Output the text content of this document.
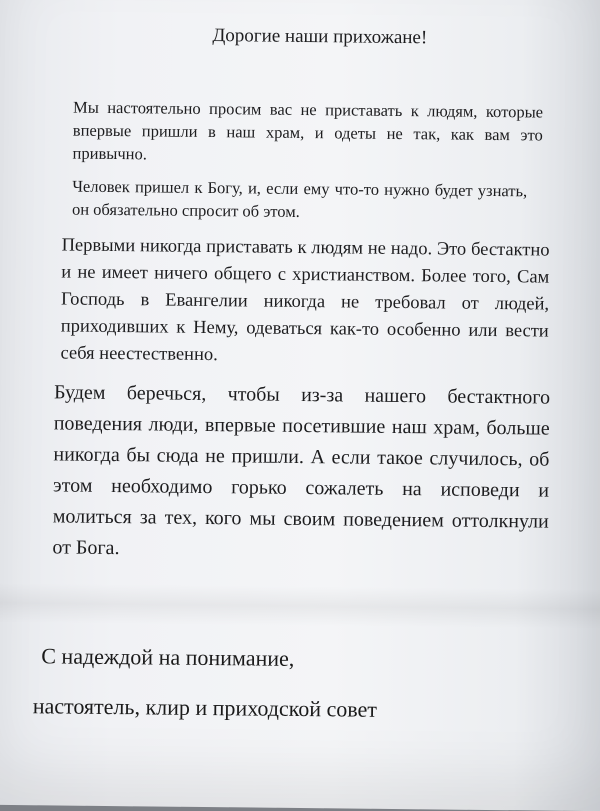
Дорогие наши прихожане!

Мы настоятельно просим вас не приставать к людям, которые впервые пришли в наш храм, и одеты не так, как вам это привычно.

Человек пришел к Богу, и, если ему что-то нужно будет узнать, он обязательно спросит об этом.

Первыми никогда приставать к людям не надо. Это бестактно и не имеет ничего общего с христианством. Более того, Сам Господь в Евангелии никогда не требовал от людей, приходивших к Нему, одеваться как-то особенно или вести себя неестественно.

Будем беречься, чтобы из-за нашего бестактного поведения люди, впервые посетившие наш храм, больше никогда бы сюда не пришли. А если такое случилось, об этом необходимо горько сожалеть на исповеди и молиться за тех, кого мы своим поведением оттолкнули от Бога.

С надеждой на понимание,
настоятель, клир и приходской совет
